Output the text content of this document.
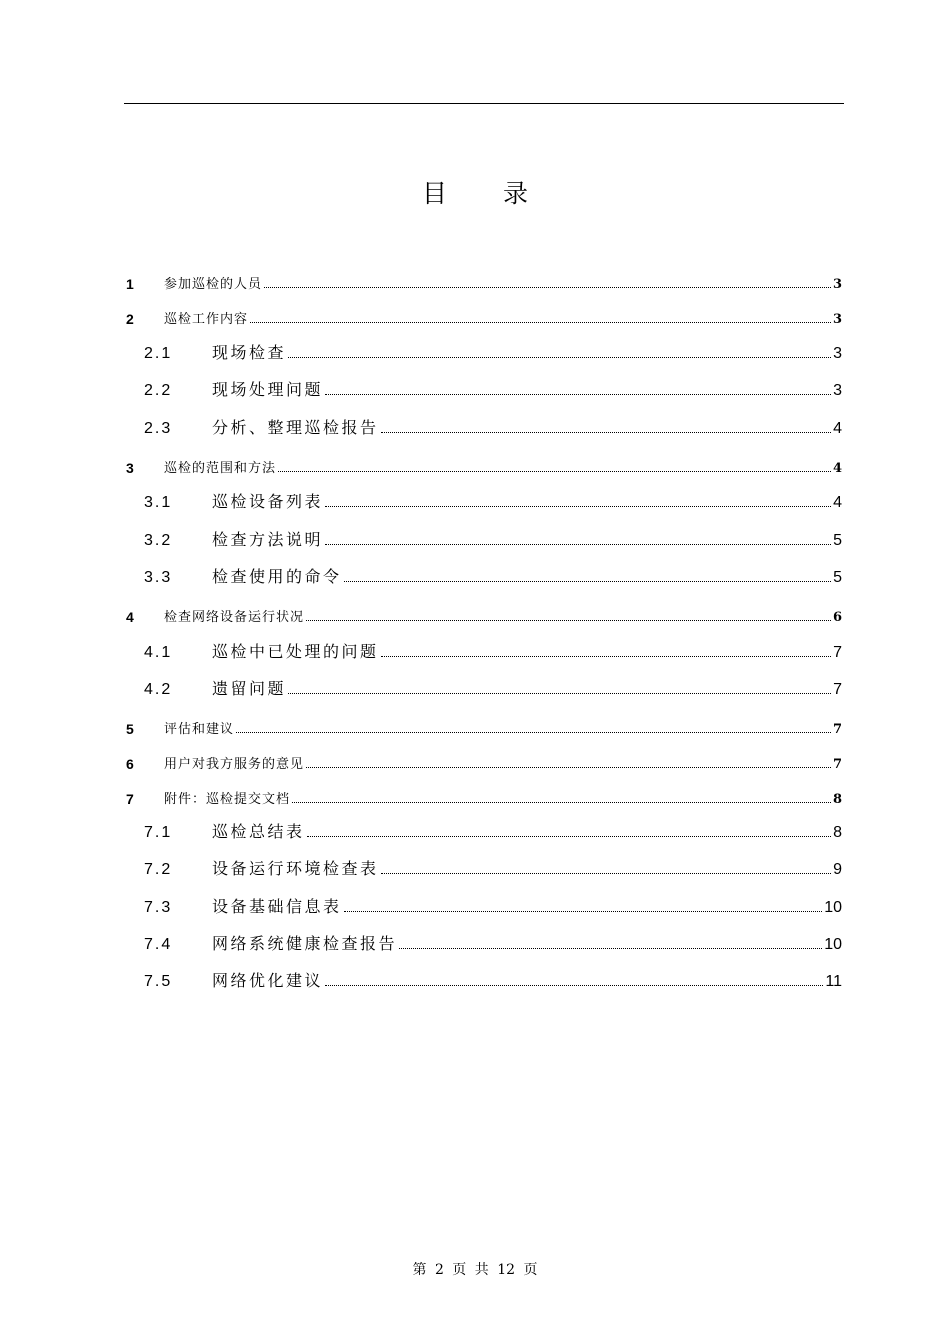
目 录
1	参加巡检的人员	3
2	巡检工作内容	3
2.1	现场检查	3
2.2	现场处理问题	3
2.3	分析、整理巡检报告	4
3	巡检的范围和方法	4
3.1	巡检设备列表	4
3.2	检查方法说明	5
3.3	检查使用的命令	5
4	检查网络设备运行状况	6
4.1	巡检中已处理的问题	7
4.2	遗留问题	7
5	评估和建议	7
6	用户对我方服务的意见	7
7	附件：巡检提交文档	8
7.1	巡检总结表	8
7.2	设备运行环境检查表	9
7.3	设备基础信息表	10
7.4	网络系统健康检查报告	10
7.5	网络优化建议	11
第 2 页 共 12 页
